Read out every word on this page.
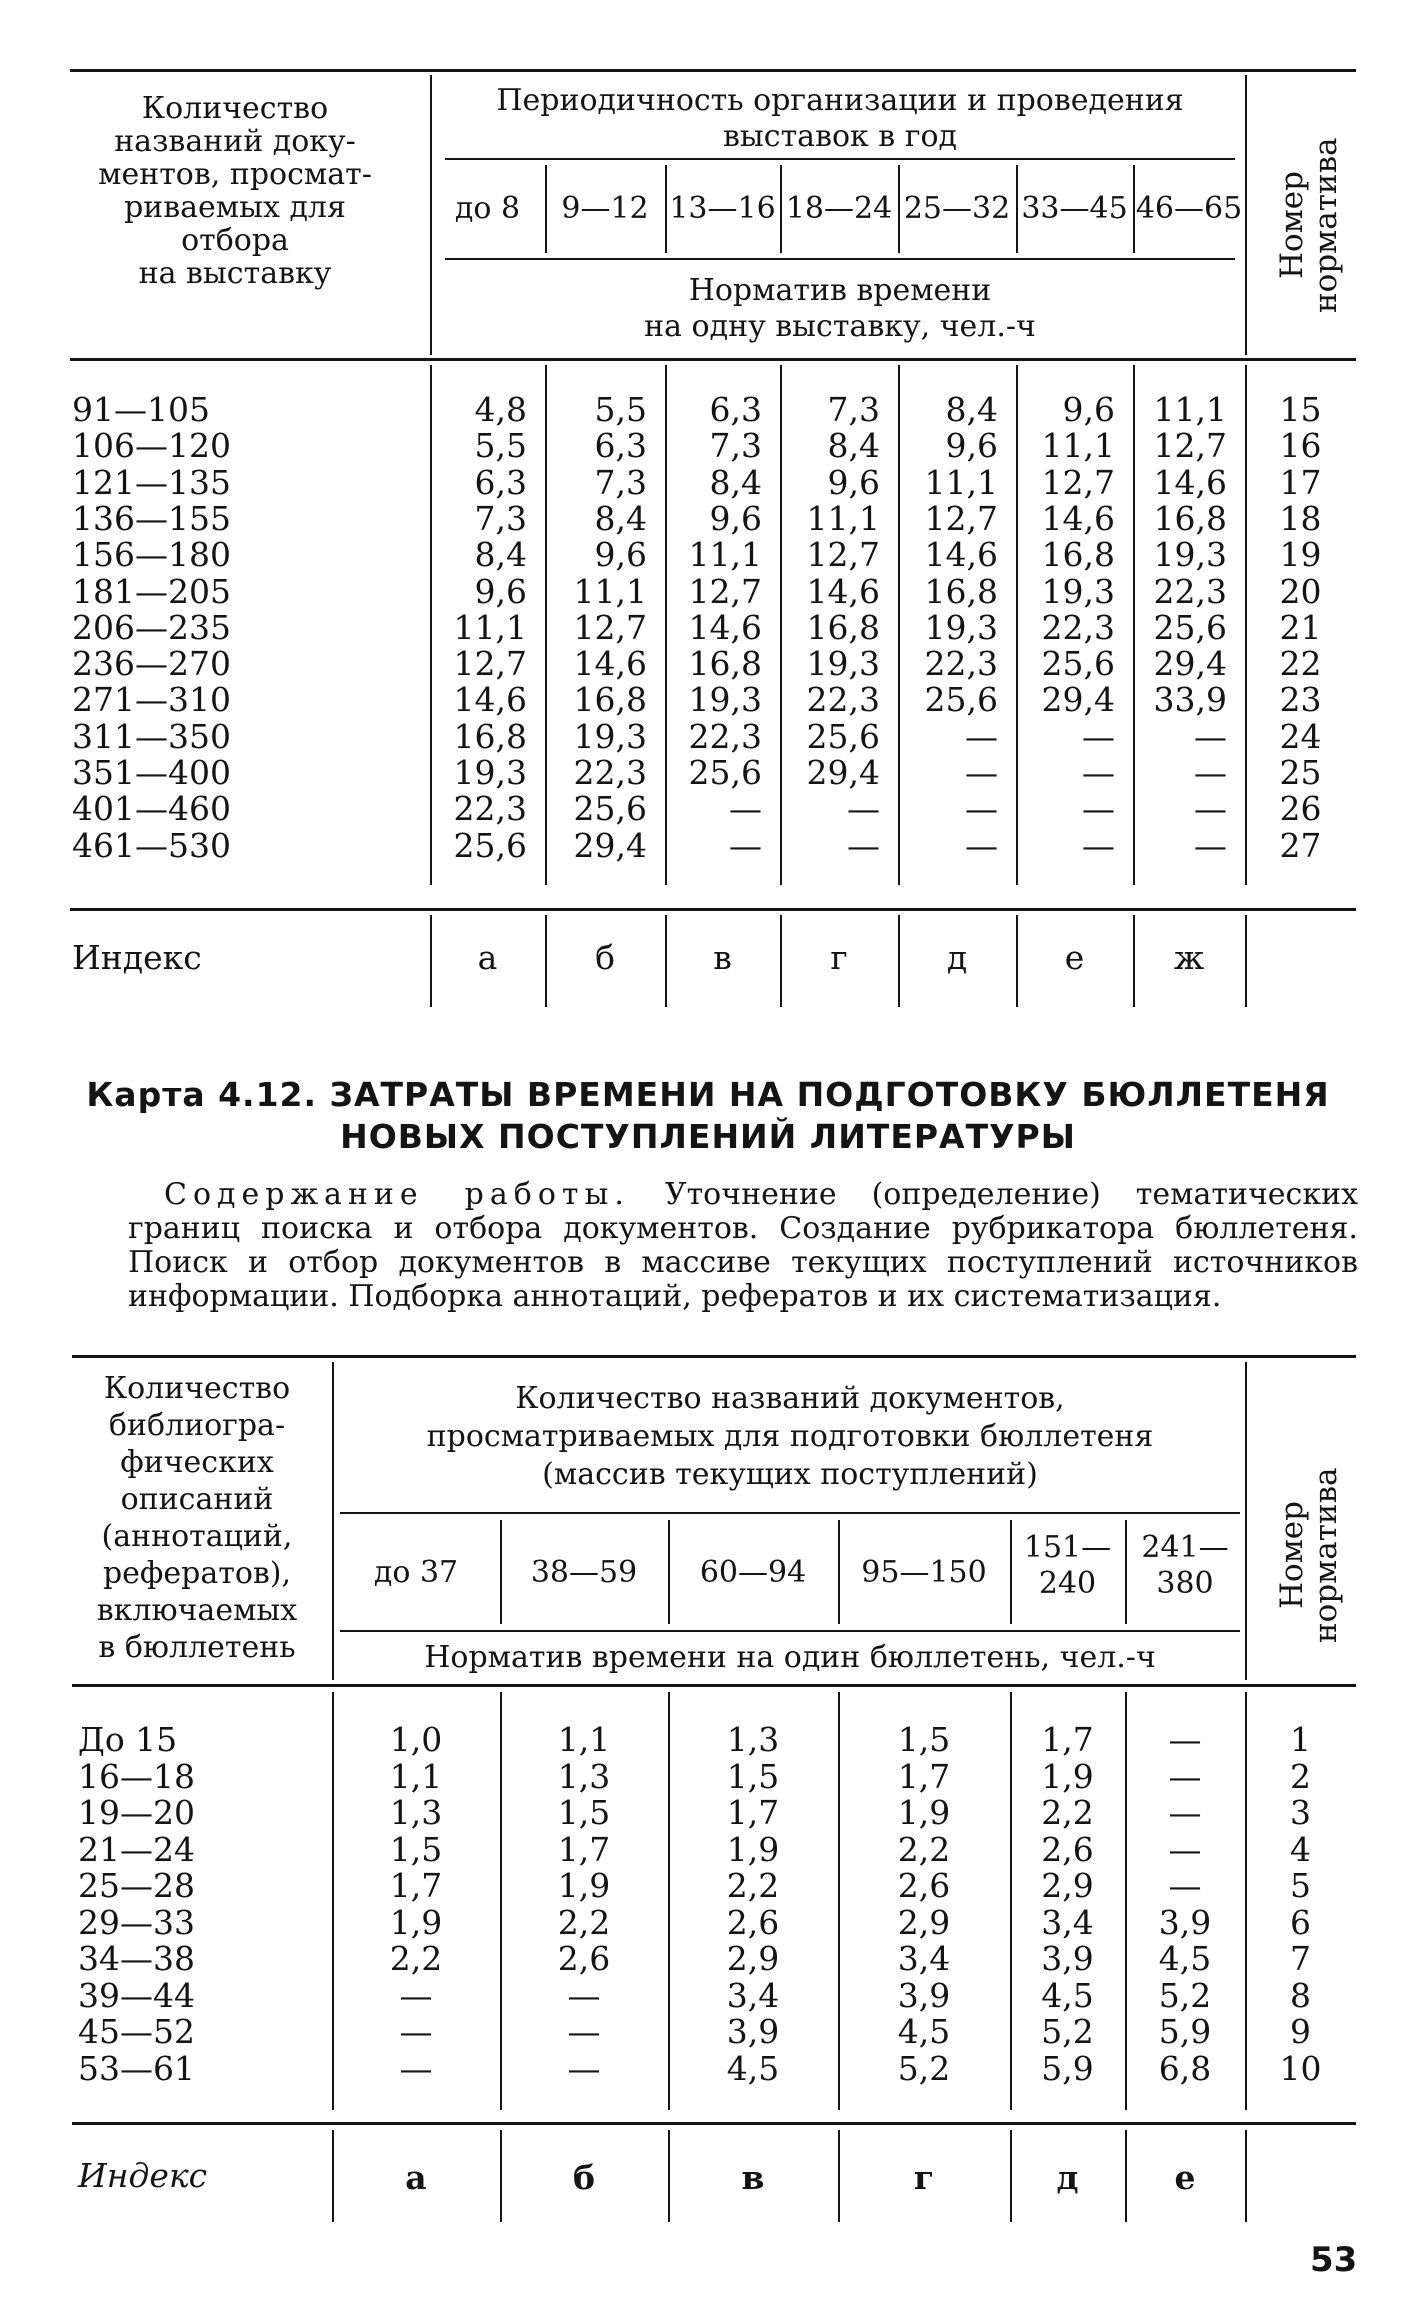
Количество названий доку-
ментов, просмат-
риваемых для
отбора
на выставку
Периодичность организации и проведения
выставок в год
Норматив времени
на одну выставку, чел.-ч
Номер
норматива
до 8	9—12 13—16 18—24 25—32 33—45 46—65
91—105	4,8	5,5	6,3	7,3	8,4	9,6	11,1	15
106—120	5,5	6,3	7,3	8,4	9,6	11,1	12,7	16
121—135	6,3	7,3	8,4	9,6	11,1	12,7	14,6	17
136—155	7,3	8,4	9,6	11,1	12,7	14,6	16,8	18
156—180	8,4	9,6	11,1	12,7	14,6	16,8	19,3	19
181—205	9,6	11,1	12,7	14,6	16,8	19,3	22,3	20
206—235	11,1	12,7	14,6	16,8	19,3	22,3	25,6	21
236—270	12,7	14,6	16,8	19,3	22,3	25,6	29,4	22
271—310	14,6	16,8	19,3	22,3	25,6	29,4	33,9	23
311—350	16,8	19,3	22,3	25,6	—	—	—	24
351—400	19,3	22,3	25,6	29,4	—	—	—	25
401—460	22,3	25,6	—	—	—	—	—	26
461—530	25,6	29,4	—	—	—	—	—	27
Индекс	а	б	в	г	д	е	ж
Карта 4.12. ЗАТРАТЫ ВРЕМЕНИ НА ПОДГОТОВКУ БЮЛЛЕТЕНЯ
НОВЫХ ПОСТУПЛЕНИЙ ЛИТЕРАТУРЫ
Содержание работы. Уточнение (определение) тематических границ поиска и отбора документов. Создание рубрикатора бюллетеня. Поиск и отбор документов в массиве текущих поступлений источников информации. Подборка аннотаций, рефератов и их систематизация.
Количество
библиогра-
фических
описаний
(аннотаций,
рефератов),
включаемых
в бюллетень
Количество названий документов,
просматриваемых для подготовки бюллетеня
(массив текущих поступлений)
Норматив времени на один бюллетень, чел.-ч
Номер
норматива
до 37	38—59	60—94	95—150
151—
240
241—
380
До 15	1,0	1,1	1,3	1,5	1,7	—	1
16—18	1,1	1,3	1,5	1,7	1,9	—	2
19—20	1,3	1,5	1,7	1,9	2,2	—	3
21—24	1,5	1,7	1,9	2,2	2,6	—	4
25—28	1,7	1,9	2,2	2,6	2,9	—	5
29—33	1,9	2,2	2,6	2,9	3,4	3,9	6
34—38	2,2	2,6	2,9	3,4	3,9	4,5	7
39—44	—	—	3,4	3,9	4,5	5,2	8
45—52	—	—	3,9	4,5	5,2	5,9	9
53—61	—	—	4,5	5,2	5,9	6,8	10
Индекс	а	б	в	г	д	е
53
